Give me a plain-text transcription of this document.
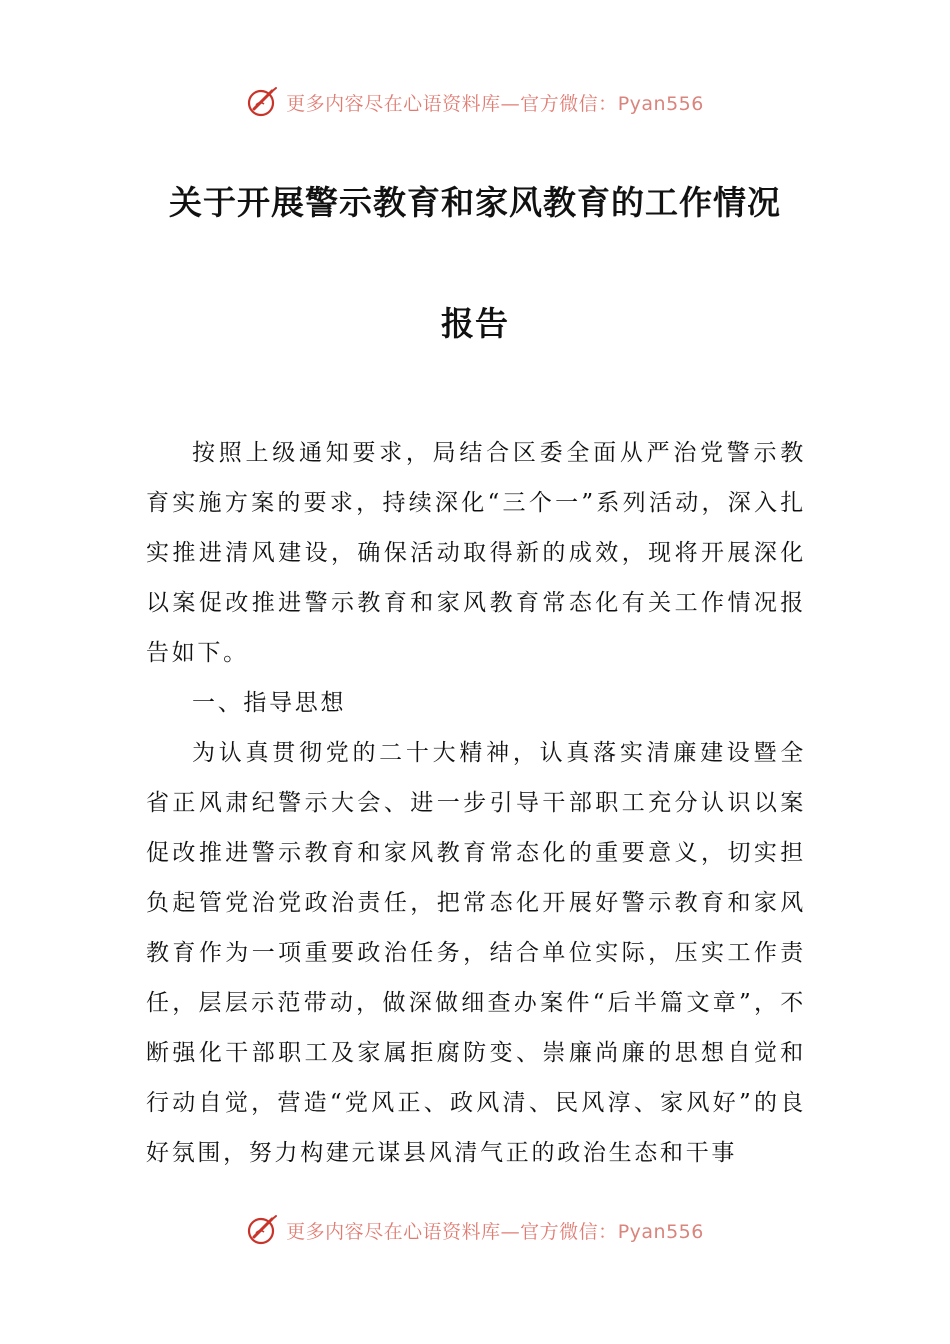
更多内容尽在心语资料库—官方微信：Pyan556
关于开展警示教育和家风教育的工作情况
报告

按照上级通知要求，局结合区委全面从严治党警示教育实施方案的要求，持续深化“三个一”系列活动，深入扎实推进清风建设，确保活动取得新的成效，现将开展深化以案促改推进警示教育和家风教育常态化有关工作情况报告如下。

一、指导思想

为认真贯彻党的二十大精神，认真落实清廉建设暨全省正风肃纪警示大会、进一步引导干部职工充分认识以案促改推进警示教育和家风教育常态化的重要意义，切实担负起管党治党政治责任，把常态化开展好警示教育和家风教育作为一项重要政治任务，结合单位实际，压实工作责任，层层示范带动，做深做细查办案件“后半篇文章”，不断强化干部职工及家属拒腐防变、崇廉尚廉的思想自觉和行动自觉，营造“党风正、政风清、民风淳、家风好”的良好氛围，努力构建元谋县风清气正的政治生态和干事

更多内容尽在心语资料库—官方微信：Pyan556
